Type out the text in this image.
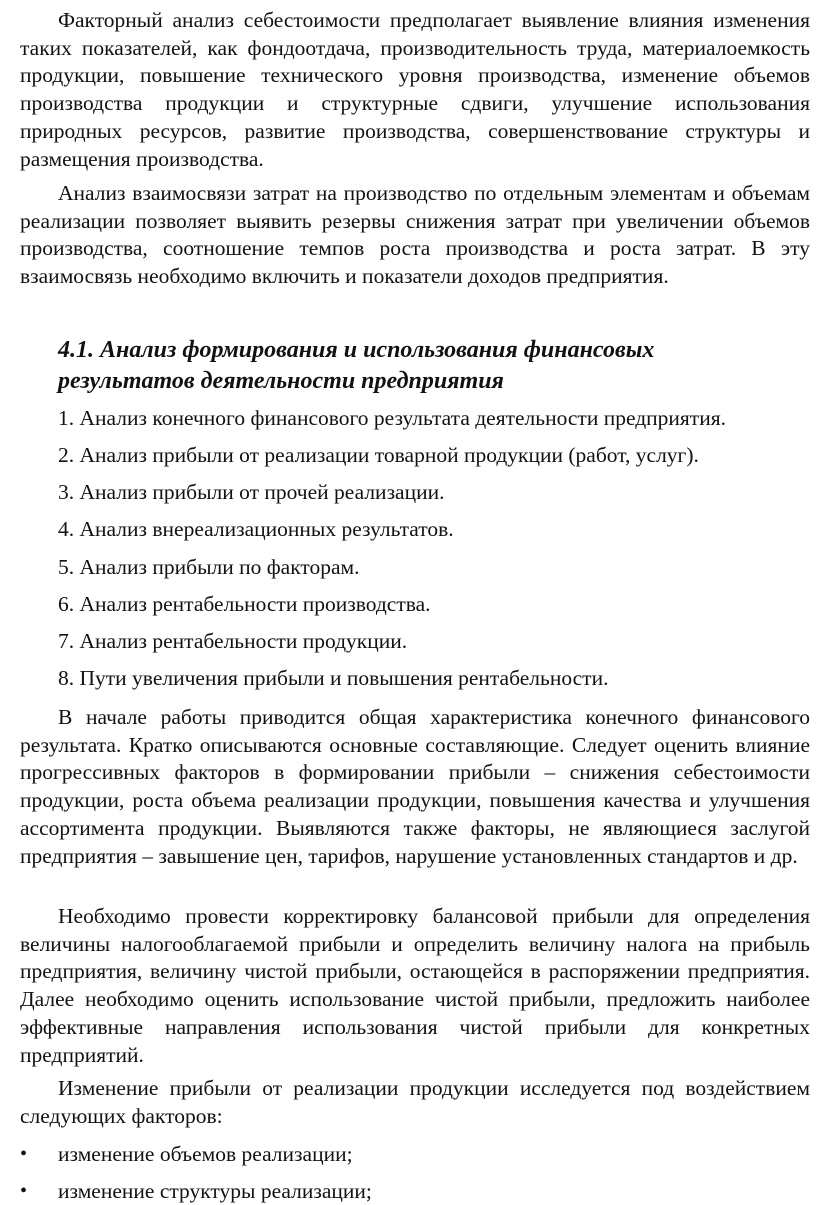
Факторный анализ себестоимости предполагает выявление влияния изменения таких показателей, как фондоотдача, производительность труда, материалоемкость продукции, повышение технического уровня производства, изменение объемов производства продукции и структурные сдвиги, улучшение использования природных ресурсов, развитие производства, совершенствование структуры и размещения производства.

Анализ взаимосвязи затрат на производство по отдельным элементам и объемам реализации позволяет выявить резервы снижения затрат при увеличении объемов производства, соотношение темпов роста производства и роста затрат. В эту взаимосвязь необходимо включить и показатели доходов предприятия.

4.1. Анализ формирования и использования финансовых
результатов деятельности предприятия

1. Анализ конечного финансового результата деятельности предприятия.

2. Анализ прибыли от реализации товарной продукции (работ, услуг).

3. Анализ прибыли от прочей реализации.

4. Анализ внереализационных результатов.

5. Анализ прибыли по факторам.

6. Анализ рентабельности производства.

7. Анализ рентабельности продукции.

8. Пути увеличения прибыли и повышения рентабельности.

В начале работы приводится общая характеристика конечного финансового результата. Кратко описываются основные составляющие. Следует оценить влияние прогрессивных факторов в формировании прибыли – снижения себестоимости продукции, роста объема реализации продукции, повышения качества и улучшения ассортимента продукции. Выявляются также факторы, не являющиеся заслугой предприятия – завышение цен, тарифов, нарушение установленных стандартов и др.

Необходимо провести корректировку балансовой прибыли для определения величины налогооблагаемой прибыли и определить величину налога на прибыль предприятия, величину чистой прибыли, остающейся в распоряжении предприятия. Далее необходимо оценить использование чистой прибыли, предложить наиболее эффективные направления использования чистой прибыли для конкретных предприятий.

Изменение прибыли от реализации продукции исследуется под воздействием следующих факторов:

•	изменение объемов реализации;
•	изменение структуры реализации;
